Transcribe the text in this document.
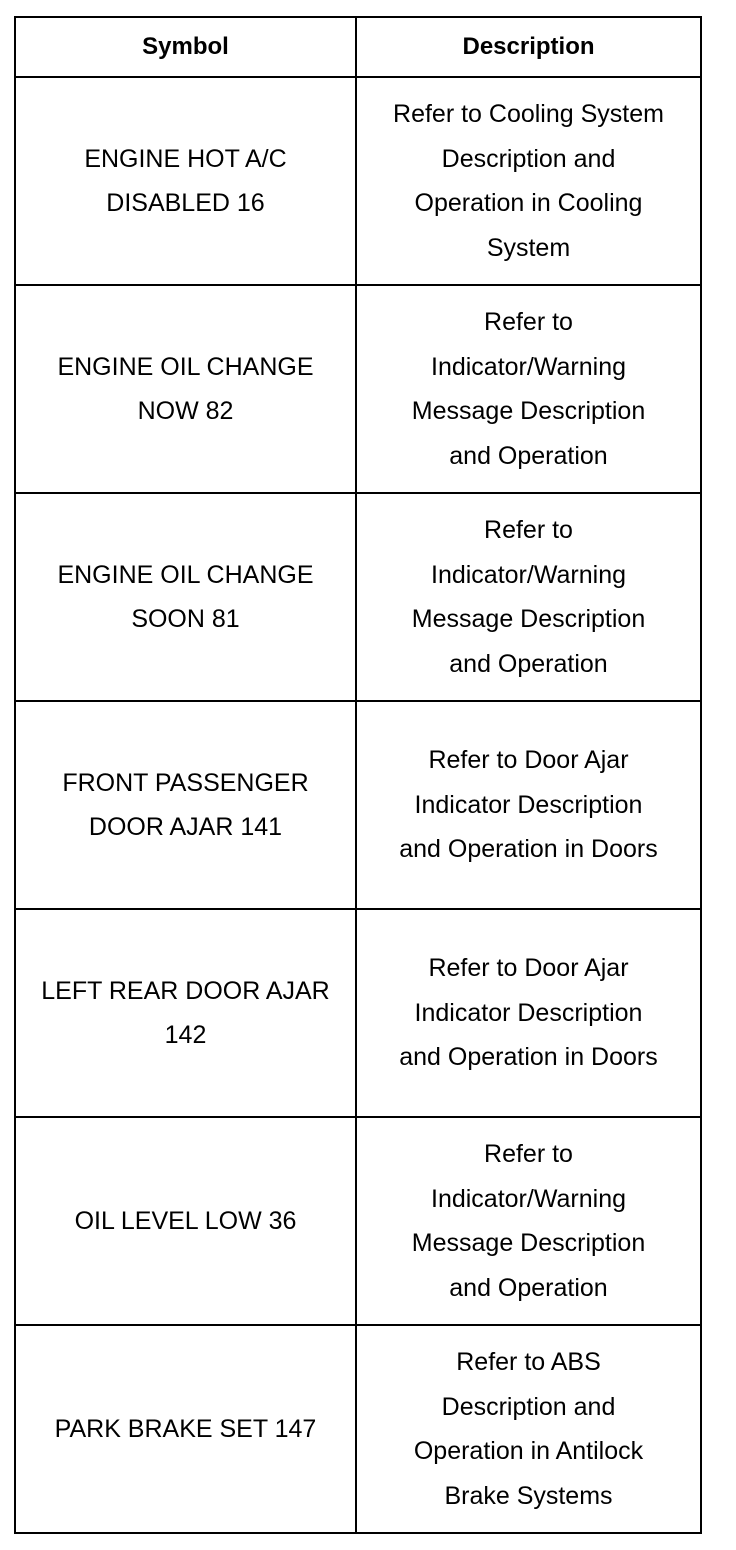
Symbol	Description
ENGINE HOT A/C DISABLED 16	Refer to Cooling System Description and Operation in Cooling System
ENGINE OIL CHANGE NOW 82	Refer to Indicator/Warning Message Description and Operation
ENGINE OIL CHANGE SOON 81	Refer to Indicator/Warning Message Description and Operation
FRONT PASSENGER DOOR AJAR 141	Refer to Door Ajar Indicator Description and Operation in Doors
LEFT REAR DOOR AJAR 142	Refer to Door Ajar Indicator Description and Operation in Doors
OIL LEVEL LOW 36	Refer to Indicator/Warning Message Description and Operation
PARK BRAKE SET 147	Refer to ABS Description and Operation in Antilock Brake Systems
